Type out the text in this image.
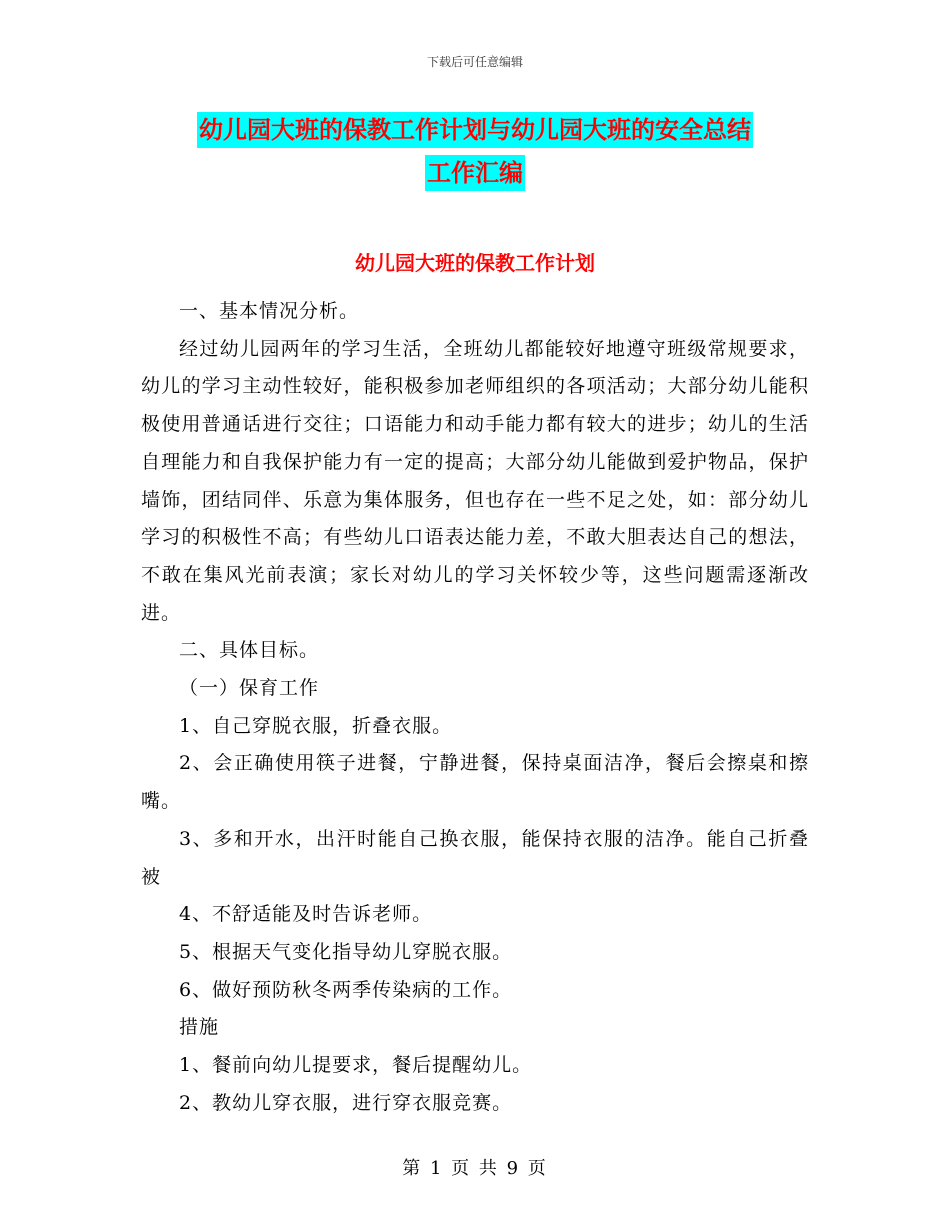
下载后可任意编辑
幼儿园大班的保教工作计划与幼儿园大班的安全总结
工作汇编
幼儿园大班的保教工作计划

一、基本情况分析。

经过幼儿园两年的学习生活，全班幼儿都能较好地遵守班级常规要求，幼儿的学习主动性较好，能积极参加老师组织的各项活动；大部分幼儿能积极使用普通话进行交往；口语能力和动手能力都有较大的进步；幼儿的生活自理能力和自我保护能力有一定的提高；大部分幼儿能做到爱护物品，保护墙饰，团结同伴、乐意为集体服务，但也存在一些不足之处，如：部分幼儿学习的积极性不高；有些幼儿口语表达能力差，不敢大胆表达自己的想法，不敢在集风光前表演；家长对幼儿的学习关怀较少等，这些问题需逐渐改进。

二、具体目标。

（一）保育工作

1、自己穿脱衣服，折叠衣服。

2、会正确使用筷子进餐，宁静进餐，保持桌面洁净，餐后会擦桌和擦嘴。

3、多和开水，出汗时能自己换衣服，能保持衣服的洁净。能自己折叠被

4、不舒适能及时告诉老师。

5、根据天气变化指导幼儿穿脱衣服。

6、做好预防秋冬两季传染病的工作。

措施

1、餐前向幼儿提要求，餐后提醒幼儿。

2、教幼儿穿衣服，进行穿衣服竞赛。

第 1 页 共 9 页
